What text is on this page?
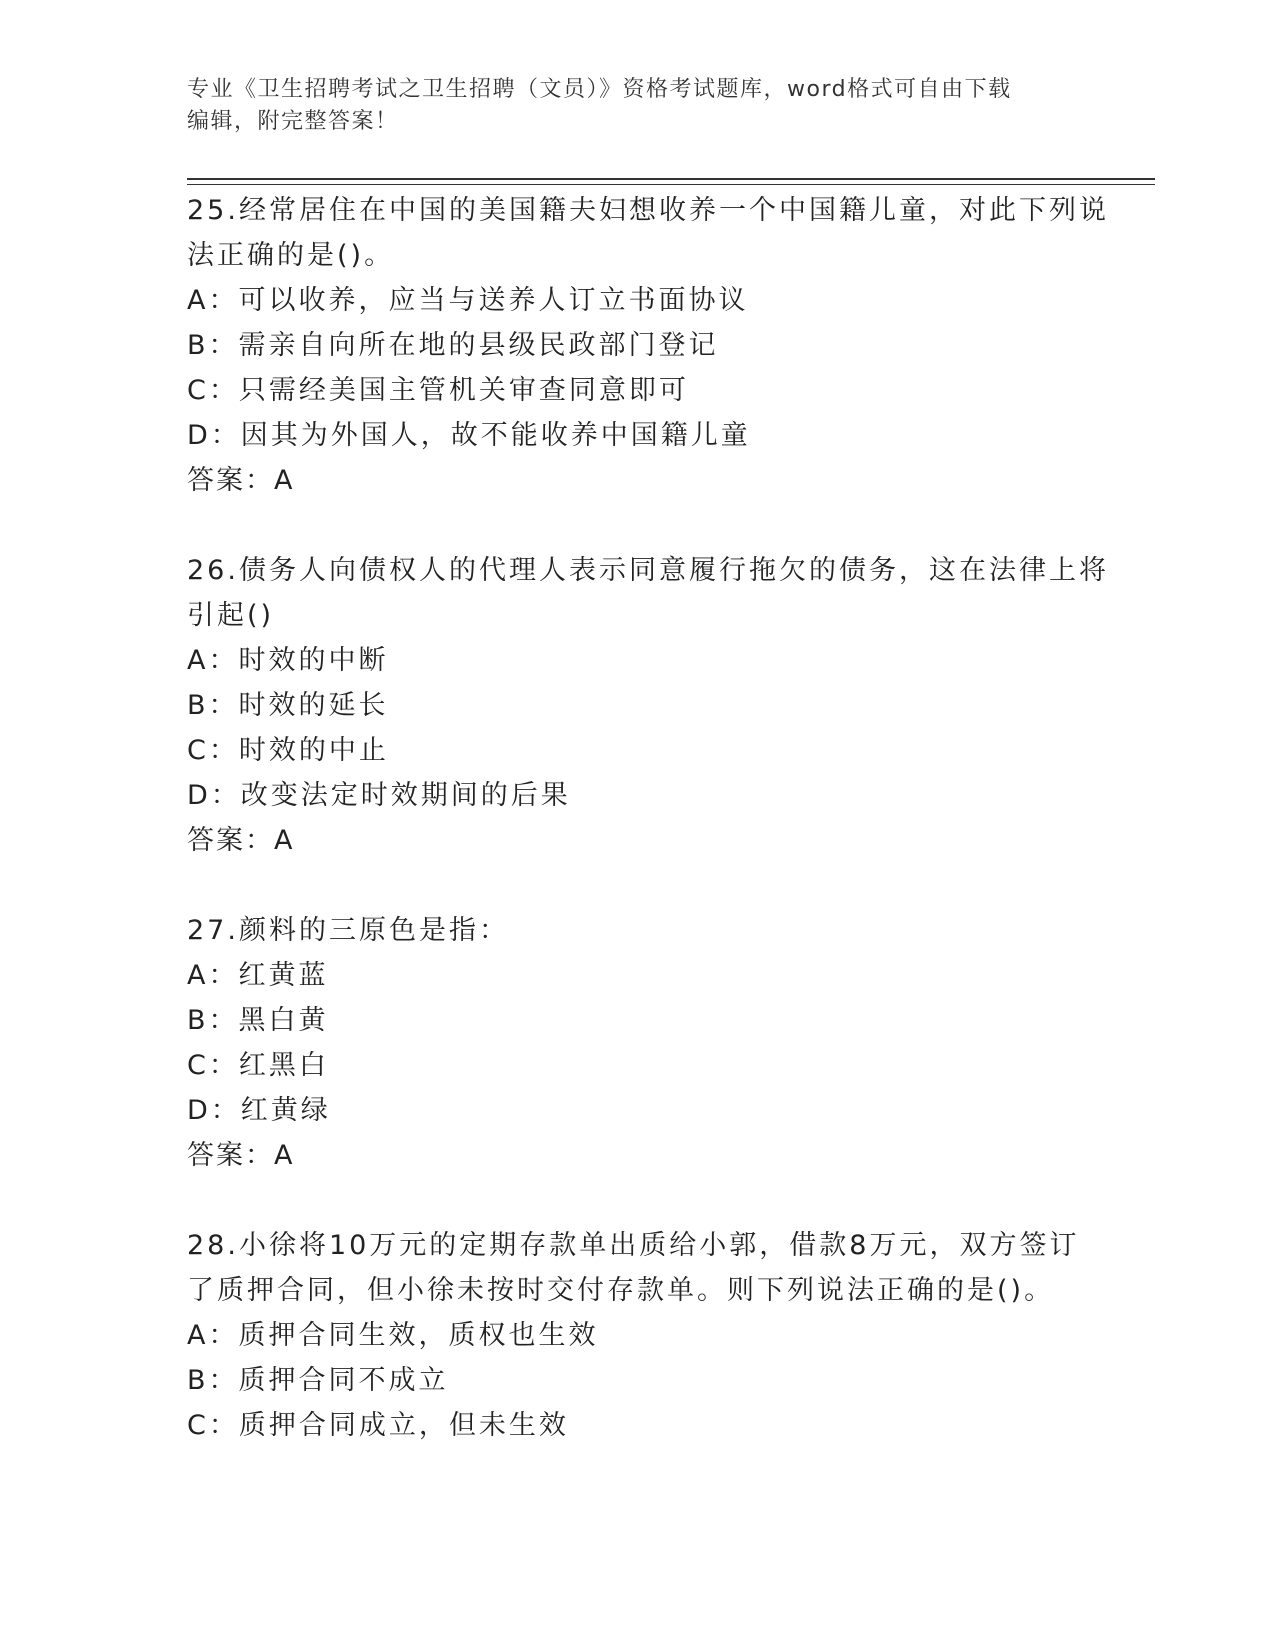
专业《卫生招聘考试之卫生招聘（文员）》资格考试题库，word格式可自由下载
编辑，附完整答案！
25.经常居住在中国的美国籍夫妇想收养一个中国籍儿童，对此下列说
法正确的是()。
A：可以收养，应当与送养人订立书面协议
B：需亲自向所在地的县级民政部门登记
C：只需经美国主管机关审查同意即可
D：因其为外国人，故不能收养中国籍儿童
答案：A
26.债务人向债权人的代理人表示同意履行拖欠的债务，这在法律上将
引起()
A：时效的中断
B：时效的延长
C：时效的中止
D：改变法定时效期间的后果
答案：A
27.颜料的三原色是指：
A：红黄蓝
B：黑白黄
C：红黑白
D：红黄绿
答案：A
28.小徐将10万元的定期存款单出质给小郭，借款8万元，双方签订
了质押合同，但小徐未按时交付存款单。则下列说法正确的是()。
A：质押合同生效，质权也生效
B：质押合同不成立
C：质押合同成立，但未生效
